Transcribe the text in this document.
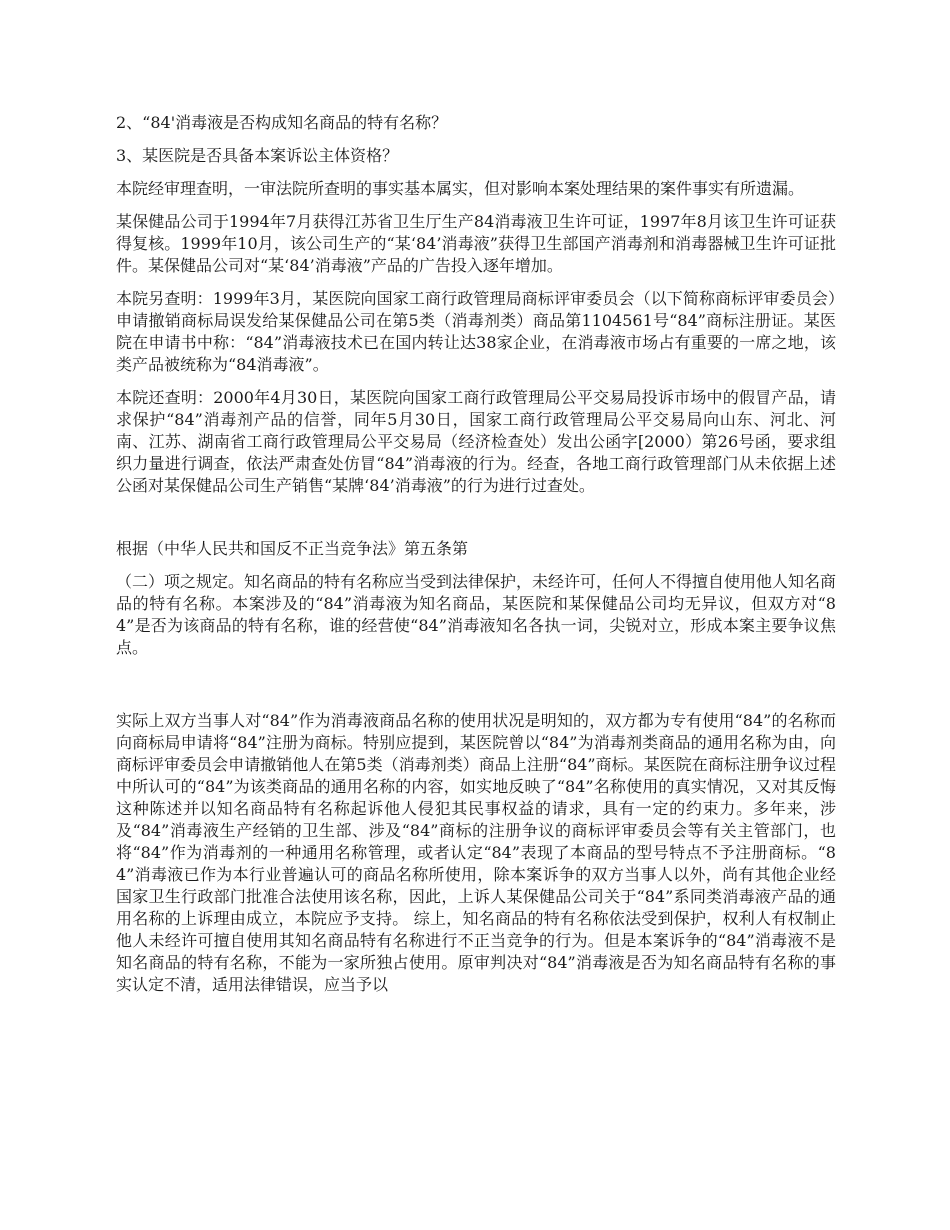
2、“84'消毒液是否构成知名商品的特有名称？

3、某医院是否具备本案诉讼主体资格？

本院经审理查明，一审法院所查明的事实基本属实，但对影响本案处理结果的案件事实有所遗漏。

某保健品公司于1994年7月获得江苏省卫生厅生产84消毒液卫生许可证，1997年8月该卫生许可证获得复核。1999年10月，该公司生产的“某‘84’消毒液”获得卫生部国产消毒剂和消毒器械卫生许可证批件。某保健品公司对“某‘84’消毒液”产品的广告投入逐年增加。

本院另查明：1999年3月，某医院向国家工商行政管理局商标评审委员会（以下简称商标评审委员会）申请撤销商标局误发给某保健品公司在第5类（消毒剂类）商品第1104561号“84”商标注册证。某医院在申请书中称：“84”消毒液技术已在国内转让达38家企业，在消毒液市场占有重要的一席之地，该类产品被统称为“84消毒液”。

本院还查明：2000年4月30日，某医院向国家工商行政管理局公平交易局投诉市场中的假冒产品，请求保护“84”消毒剂产品的信誉，同年5月30日，国家工商行政管理局公平交易局向山东、河北、河南、江苏、湖南省工商行政管理局公平交易局（经济检查处）发出公函字[2000）第26号函，要求组织力量进行调查，依法严肃查处仿冒“84”消毒液的行为。经查，各地工商行政管理部门从未依据上述公函对某保健品公司生产销售“某牌‘84’消毒液”的行为进行过查处。

根据（中华人民共和国反不正当竞争法》第五条第

（二）项之规定。知名商品的特有名称应当受到法律保护，未经许可，任何人不得擅自使用他人知名商品的特有名称。本案涉及的“84”消毒液为知名商品，某医院和某保健品公司均无异议，但双方对“84”是否为该商品的特有名称，谁的经营使“84”消毒液知名各执一词，尖锐对立，形成本案主要争议焦点。

实际上双方当事人对“84”作为消毒液商品名称的使用状况是明知的，双方都为专有使用“84”的名称而向商标局申请将“84”注册为商标。特别应提到，某医院曾以“84”为消毒剂类商品的通用名称为由，向商标评审委员会申请撤销他人在第5类（消毒剂类）商品上注册“84”商标。某医院在商标注册争议过程中所认可的“84”为该类商品的通用名称的内容，如实地反映了“84”名称使用的真实情况，又对其反悔这种陈述并以知名商品特有名称起诉他人侵犯其民事权益的请求，具有一定的约束力。多年来，涉及“84”消毒液生产经销的卫生部、涉及“84”商标的注册争议的商标评审委员会等有关主管部门，也将“84”作为消毒剂的一种通用名称管理，或者认定“84”表现了本商品的型号特点不予注册商标。“84”消毒液已作为本行业普遍认可的商品名称所使用，除本案诉争的双方当事人以外，尚有其他企业经国家卫生行政部门批准合法使用该名称，因此，上诉人某保健品公司关于“84”系同类消毒液产品的通用名称的上诉理由成立，本院应予支持。 综上，知名商品的特有名称依法受到保护，权利人有权制止他人未经许可擅自使用其知名商品特有名称进行不正当竞争的行为。但是本案诉争的“84”消毒液不是知名商品的特有名称，不能为一家所独占使用。原审判决对“84”消毒液是否为知名商品特有名称的事实认定不清，适用法律错误，应当予以
